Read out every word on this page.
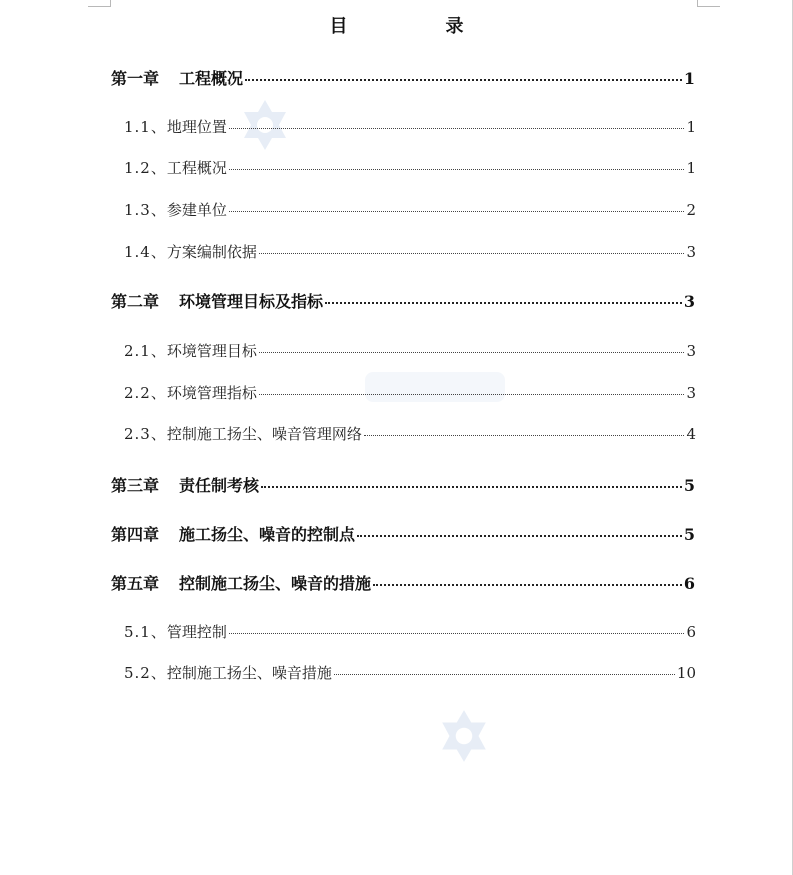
目　录
第一章 工程概况	1
1.1、 地理位置	1
1.2、 工程概况	1
1.3、 参建单位	2
1.4、 方案编制依据	3
第二章 环境管理目标及指标	3
2.1、 环境管理目标	3
2.2、 环境管理指标	3
2.3、 控制施工扬尘、噪音管理网络	4
第三章 责任制考核	5
第四章 施工扬尘、噪音的控制点	5
第五章 控制施工扬尘、噪音的措施	6
5.1、 管理控制	6
5.2、 控制施工扬尘、噪音措施	10
